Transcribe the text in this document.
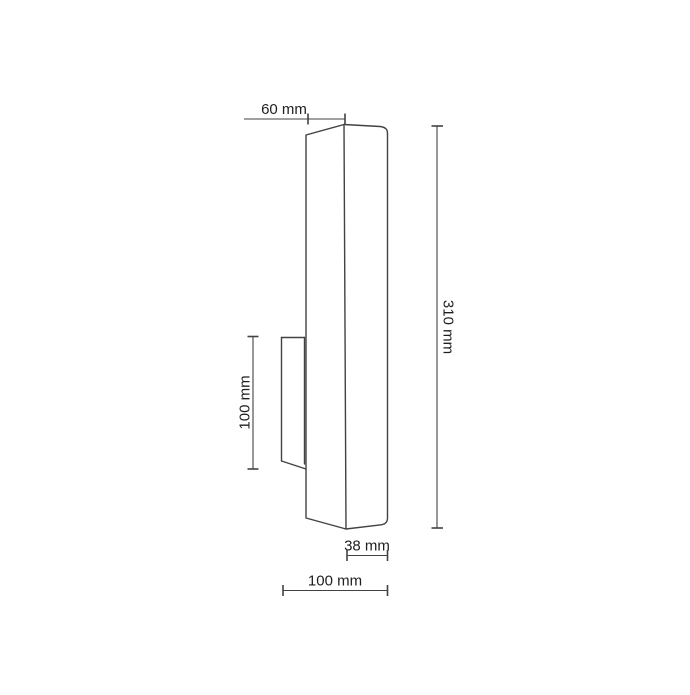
60 mm
310 mm
100 mm
38 mm
100 mm
